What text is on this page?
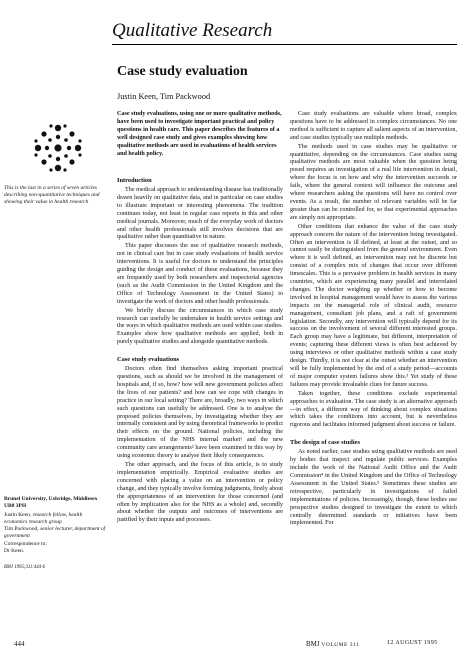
Qualitative Research
Case study evaluation
Justin Keen, Tim Packwood
This is the last in a series of seven articles describing non-quantitative techniques and showing their value in health research
Brunel University, Uxbridge, Middlesex UB8 3PH
Justin Keen, research fellow, health economics research group
Tim Packwood, senior lecturer, department of government
Correspondence to:
Dr Keen.
BMJ 1995;311:444-6
Case study evaluations, using one or more qualitative methods, have been used to investigate important practical and policy questions in health care. This paper describes the features of a well designed case study and gives examples showing how qualitative methods are used in evaluations of health services and health policy.
Introduction

The medical approach to understanding disease has traditionally drawn heavily on qualitative data, and in particular on case studies to illustrate important or interesting phenomena. The tradition continues today, not least in regular case reports in this and other medical journals. Moreover, much of the everyday work of doctors and other health professionals still involves decisions that are qualitative rather than quantitative in nature.

This paper discusses the use of qualitative research methods, not in clinical care but in case study evaluations of health service interventions. It is useful for doctors to understand the principles guiding the design and conduct of these evaluations, because they are frequently used by both researchers and inspectorial agencies (such as the Audit Commission in the United Kingdom and the Office of Technology Assessment in the United States) to investigate the work of doctors and other health professionals.

We briefly discuss the circumstances in which case study research can usefully be undertaken in health service settings and the ways in which qualitative methods are used within case studies. Examples show how qualitative methods are applied, both in purely qualitative studies and alongside quantitative methods.

Case study evaluations

Doctors often find themselves asking important practical questions, such as should we be involved in the management of hospitals and, if so, how? how will new government policies affect the lives of our patients? and how can we cope with changes in practice in our local setting? There are, broadly, two ways in which such questions can usefully be addressed. One is to analyse the proposed policies themselves, by investigating whether they are internally consistent and by using theoretical frameworks to predict their effects on the ground. National policies, including the implementation of the NHS internal market¹ and the new community care arrangements² have been examined in this way by using economic theory to analyse their likely consequences.

The other approach, and the focus of this article, is to study implementation empirically. Empirical evaluative studies are concerned with placing a value on an intervention or policy change, and they typically involve forming judgments, firstly about the appropriateness of an intervention for those concerned (and often by implication also for the NHS as a whole) and, secondly about whether the outputs and outcomes of interventions are justified by their inputs and processes.

Case study evaluations are valuable where broad, complex questions have to be addressed in complex circumstances. No one method is sufficient to capture all salient aspects of an intervention, and case studies typically use multiple methods.

The methods used in case studies may be qualitative or quantitative, depending on the circumstances. Case studies using qualitative methods are most valuable when the question being posed requires an investigation of a real life intervention in detail, where the focus is on how and why the intervention succeeds or fails, where the general context will influence the outcome and where researchers asking the questions will have no control over events. As a result, the number of relevant variables will be far greater than can be controlled for, so that experimental approaches are simply not appropriate.

Other conditions that enhance the value of the case study approach concern the nature of the intervention being investigated. Often an intervention is ill defined, at least at the outset, and so cannot easily be distinguished from the general environment. Even where it is well defined, an intervention may not be discrete but consist of a complex mix of changes that occur over different timescales. This is a pervasive problem in health services in many countries, which are experiencing many parallel and interrelated changes. The doctor weighing up whether or how to become involved in hospital management would have to assess the various impacts on the managerial role of clinical audit, resource management, consultant job plans, and a raft of government legislation. Secondly, any intervention will typically depend for its success on the involvement of several different interested groups. Each group may have a legitimate, but different, interpretation of events; capturing these different views is often best achieved by using interviews or other qualitative methods within a case study design. Thirdly, it is not clear at the outset whether an intervention will be fully implemented by the end of a study period—accounts of major computer system failures show this.³ Yet study of these failures may provide invaluable clues for future success.

Taken together, these conditions exclude experimental approaches to evaluation. The case study is an alternative approach—in effect, a different way of thinking about complex situations which takes the conditions into account, but is nevertheless rigorous and facilitates informed judgment about success or failure.

The design of case studies

As noted earlier, case studies using qualitative methods are used by bodies that inspect and regulate public services. Examples include the work of the National Audit Office and the Audit Commission⁴ in the United Kingdom and the Office of Technology Assessment in the United States.⁵ Sometimes these studies are retrospective, particularly in investigations of failed implementations of policies. Increasingly, though, these bodies use prospective studies designed to investigate the extent to which centrally determined standards or initiatives have been implemented. For

444	BMJ VOLUME 311	12 AUGUST 1995
